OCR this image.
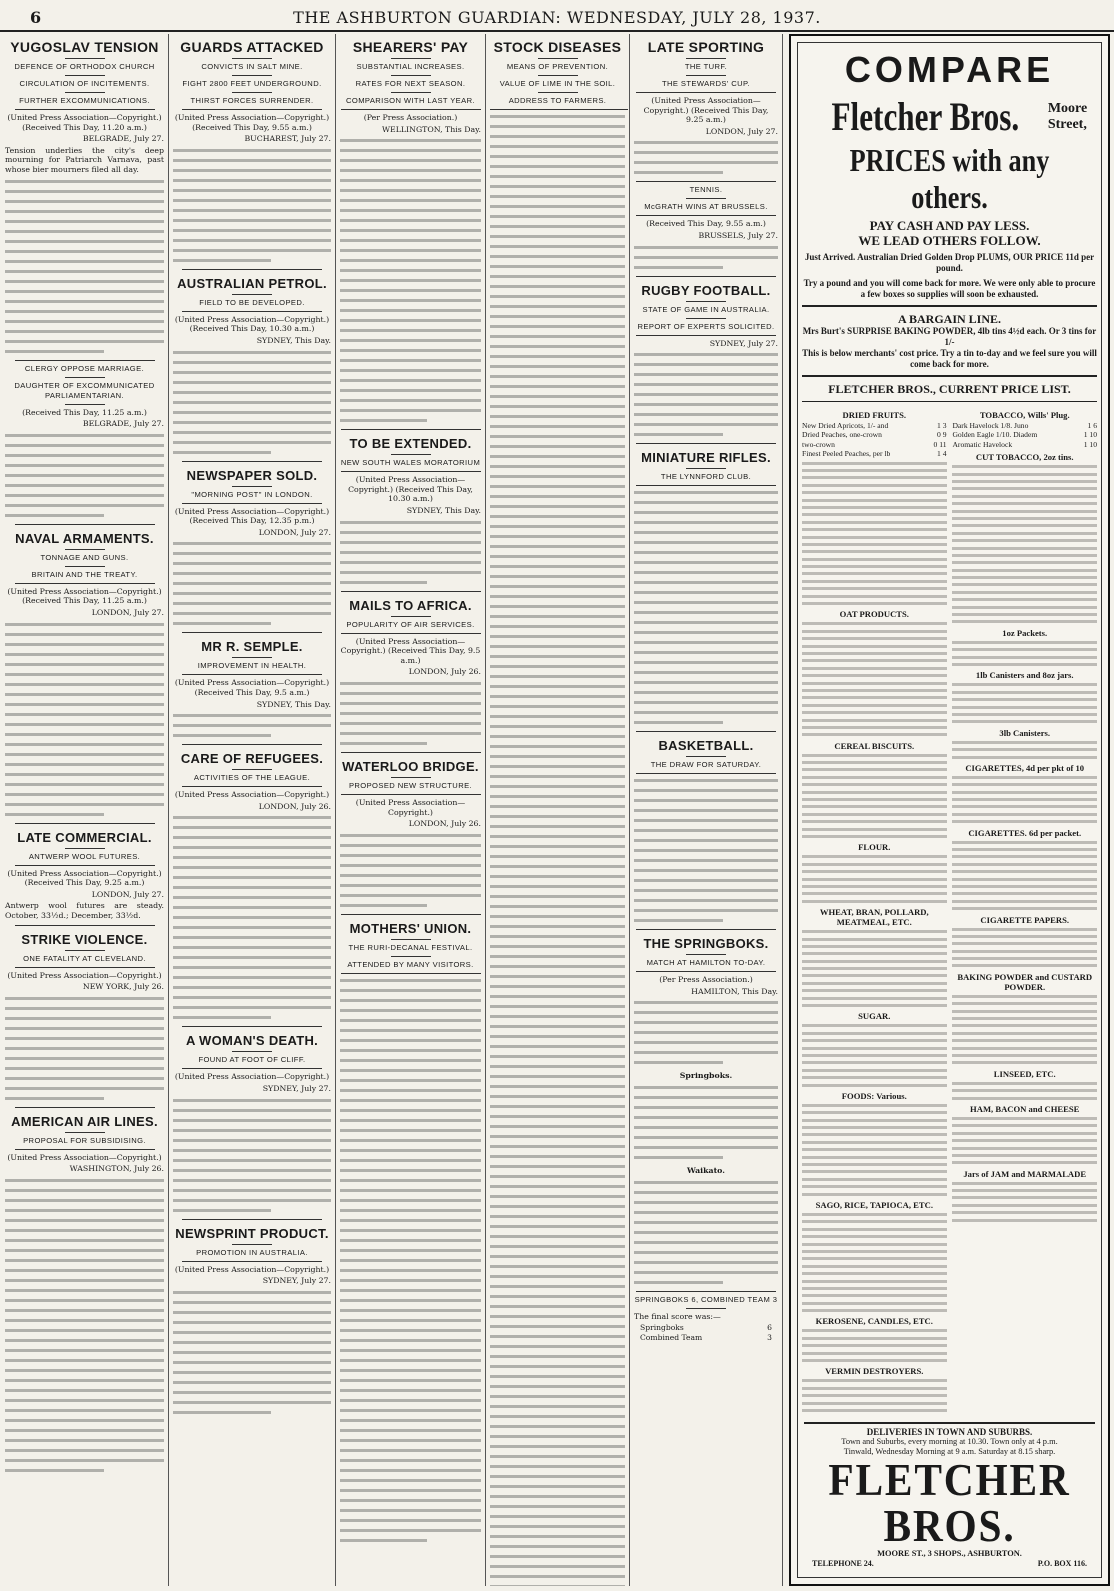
6	THE ASHBURTON GUARDIAN: WEDNESDAY, JULY 28, 1937.
YUGOSLAV TENSION
DEFENCE OF ORTHODOX CHURCH
CIRCULATION OF INCITEMENTS.
FURTHER EXCOMMUNICATIONS.
(United Press Association—Copyright.) (Received This Day, 11.20 a.m.)
BELGRADE, July 27.
Tension underlies the city's deep mourning for Patriarch Varnava, past whose bier mourners filed all day.
CLERGY OPPOSE MARRIAGE.
DAUGHTER OF EXCOMMUNICATED PARLIAMENTARIAN.
(Received This Day, 11.25 a.m.)
BELGRADE, July 27.
NAVAL ARMAMENTS.
TONNAGE AND GUNS.
BRITAIN AND THE TREATY.
(United Press Association—Copyright.) (Received This Day, 11.25 a.m.)
LONDON, July 27.
LATE COMMERCIAL.
ANTWERP WOOL FUTURES.
(United Press Association—Copyright.) (Received This Day, 9.25 a.m.)
LONDON, July 27.
Antwerp wool futures are steady. October, 33½d.; December, 33½d.
STRIKE VIOLENCE.
ONE FATALITY AT CLEVELAND.
(United Press Association—Copyright.)
NEW YORK, July 26.
AMERICAN AIR LINES.
PROPOSAL FOR SUBSIDISING.
(United Press Association—Copyright.)
WASHINGTON, July 26.
GUARDS ATTACKED
CONVICTS IN SALT MINE.
FIGHT 2800 FEET UNDERGROUND.
THIRST FORCES SURRENDER.
(United Press Association—Copyright.) (Received This Day, 9.55 a.m.)
BUCHAREST, July 27.
AUSTRALIAN PETROL.
FIELD TO BE DEVELOPED.
(United Press Association—Copyright.) (Received This Day, 10.30 a.m.)
SYDNEY, This Day.
NEWSPAPER SOLD.
"MORNING POST" IN LONDON.
(United Press Association—Copyright.) (Received This Day, 12.35 p.m.)
LONDON, July 27.
MR R. SEMPLE.
IMPROVEMENT IN HEALTH.
(United Press Association—Copyright.) (Received This Day, 9.5 a.m.)
SYDNEY, This Day.
CARE OF REFUGEES.
ACTIVITIES OF THE LEAGUE.
(United Press Association—Copyright.)
LONDON, July 26.
A WOMAN'S DEATH.
FOUND AT FOOT OF CLIFF.
(United Press Association—Copyright.)
SYDNEY, July 27.
NEWSPRINT PRODUCT.
PROMOTION IN AUSTRALIA.
(United Press Association—Copyright.)
SYDNEY, July 27.
SHEARERS' PAY
SUBSTANTIAL INCREASES.
RATES FOR NEXT SEASON.
COMPARISON WITH LAST YEAR.
(Per Press Association.)
WELLINGTON, This Day.
TO BE EXTENDED.
NEW SOUTH WALES MORATORIUM
(United Press Association—Copyright.) (Received This Day, 10.30 a.m.)
SYDNEY, This Day.
MAILS TO AFRICA.
POPULARITY OF AIR SERVICES.
(United Press Association—Copyright.) (Received This Day, 9.5 a.m.)
LONDON, July 26.
WATERLOO BRIDGE.
PROPOSED NEW STRUCTURE.
(United Press Association—Copyright.)
LONDON, July 26.
MOTHERS' UNION.
THE RURI-DECANAL FESTIVAL.
ATTENDED BY MANY VISITORS.
STOCK DISEASES
MEANS OF PREVENTION.
VALUE OF LIME IN THE SOIL.
ADDRESS TO FARMERS.
LATE SPORTING
THE TURF.
THE STEWARDS' CUP.
(United Press Association—Copyright.) (Received This Day, 9.25 a.m.)
LONDON, July 27.
TENNIS.
McGRATH WINS AT BRUSSELS.
(Received This Day, 9.55 a.m.)
BRUSSELS, July 27.
RUGBY FOOTBALL.
STATE OF GAME IN AUSTRALIA.
REPORT OF EXPERTS SOLICITED.
SYDNEY, July 27.
MINIATURE RIFLES.
THE LYNNFORD CLUB.
BASKETBALL.
THE DRAW FOR SATURDAY.
THE SPRINGBOKS.
MATCH AT HAMILTON TO-DAY.
(Per Press Association.)
HAMILTON, This Day.
Springboks.
Waikato.
SPRINGBOKS 6, COMBINED TEAM 3
The final score was:—
Springboks	6
Combined Team	3
COMPARE
Fletcher Bros. Moore Street,
PRICES with any others.
PAY CASH AND PAY LESS.
WE LEAD OTHERS FOLLOW.
Just Arrived. Australian Dried Golden Drop PLUMS, OUR PRICE 11d per pound.
Try a pound and you will come back for more. We were only able to procure a few boxes so supplies will soon be exhausted.
A BARGAIN LINE.
Mrs Burt's SURPRISE BAKING POWDER, 4lb tins 4½d each. Or 3 tins for 1/-
This is below merchants' cost price. Try a tin to-day and we feel sure you will come back for more.
FLETCHER BROS., CURRENT PRICE LIST.
DRIED FRUITS.
New Dried Apricots, 1/- and	1 3
Dried Peaches, one-crown	0 9
two-crown	0 11
Finest Peeled Peaches, per lb	1 4
OAT PRODUCTS.
CEREAL BISCUITS.
FLOUR.
WHEAT, BRAN, POLLARD, MEATMEAL, ETC.
SUGAR.
FOODS: Various.
SAGO, RICE, TAPIOCA, ETC.
KEROSENE, CANDLES, ETC.
VERMIN DESTROYERS.
TOBACCO, Wills' Plug.
Dark Havelock 1/8. Juno	1 6
Golden Eagle 1/10. Diadem	1 10
Aromatic Havelock	1 10
CUT TOBACCO, 2oz tins.
1oz Packets.
1lb Canisters and 8oz jars.
3lb Canisters.
CIGARETTES, 4d per pkt of 10
CIGARETTES. 6d per packet.
CIGARETTE PAPERS.
BAKING POWDER and CUSTARD POWDER.
LINSEED, ETC.
HAM, BACON and CHEESE
Jars of JAM and MARMALADE
DELIVERIES IN TOWN AND SUBURBS.
Town and Suburbs, every morning at 10.30. Town only at 4 p.m.
Tinwald, Wednesday Morning at 9 a.m. Saturday at 8.15 sharp.
FLETCHER BROS.
MOORE ST., 3 SHOPS., ASHBURTON.
TELEPHONE 24.	P.O. BOX 116.
